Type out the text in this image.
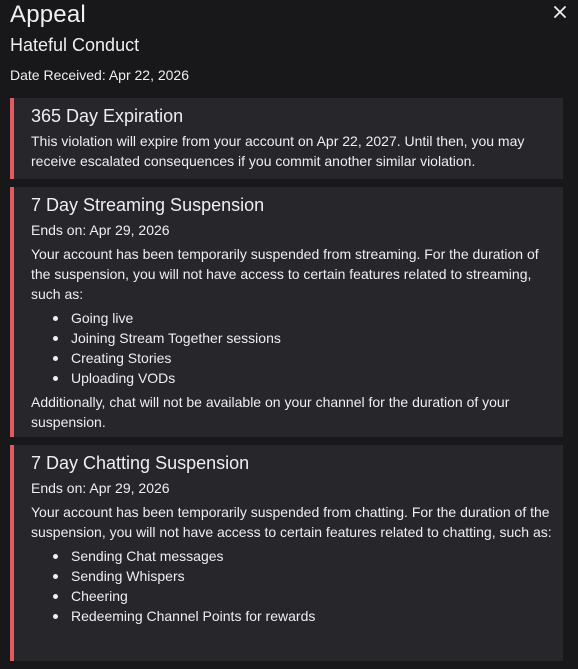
Appeal
Hateful Conduct
Date Received: Apr 22, 2026
365 Day Expiration

This violation will expire from your account on Apr 22, 2027. Until then, you may receive escalated consequences if you commit another similar violation.

7 Day Streaming Suspension

Ends on: Apr 29, 2026

Your account has been temporarily suspended from streaming. For the duration of the suspension, you will not have access to certain features related to streaming, such as:

Going live
Joining Stream Together sessions
Creating Stories
Uploading VODs

Additionally, chat will not be available on your channel for the duration of your suspension.

7 Day Chatting Suspension

Ends on: Apr 29, 2026

Your account has been temporarily suspended from chatting. For the duration of the suspension, you will not have access to certain features related to chatting, such as:

Sending Chat messages
Sending Whispers
Cheering
Redeeming Channel Points for rewards
